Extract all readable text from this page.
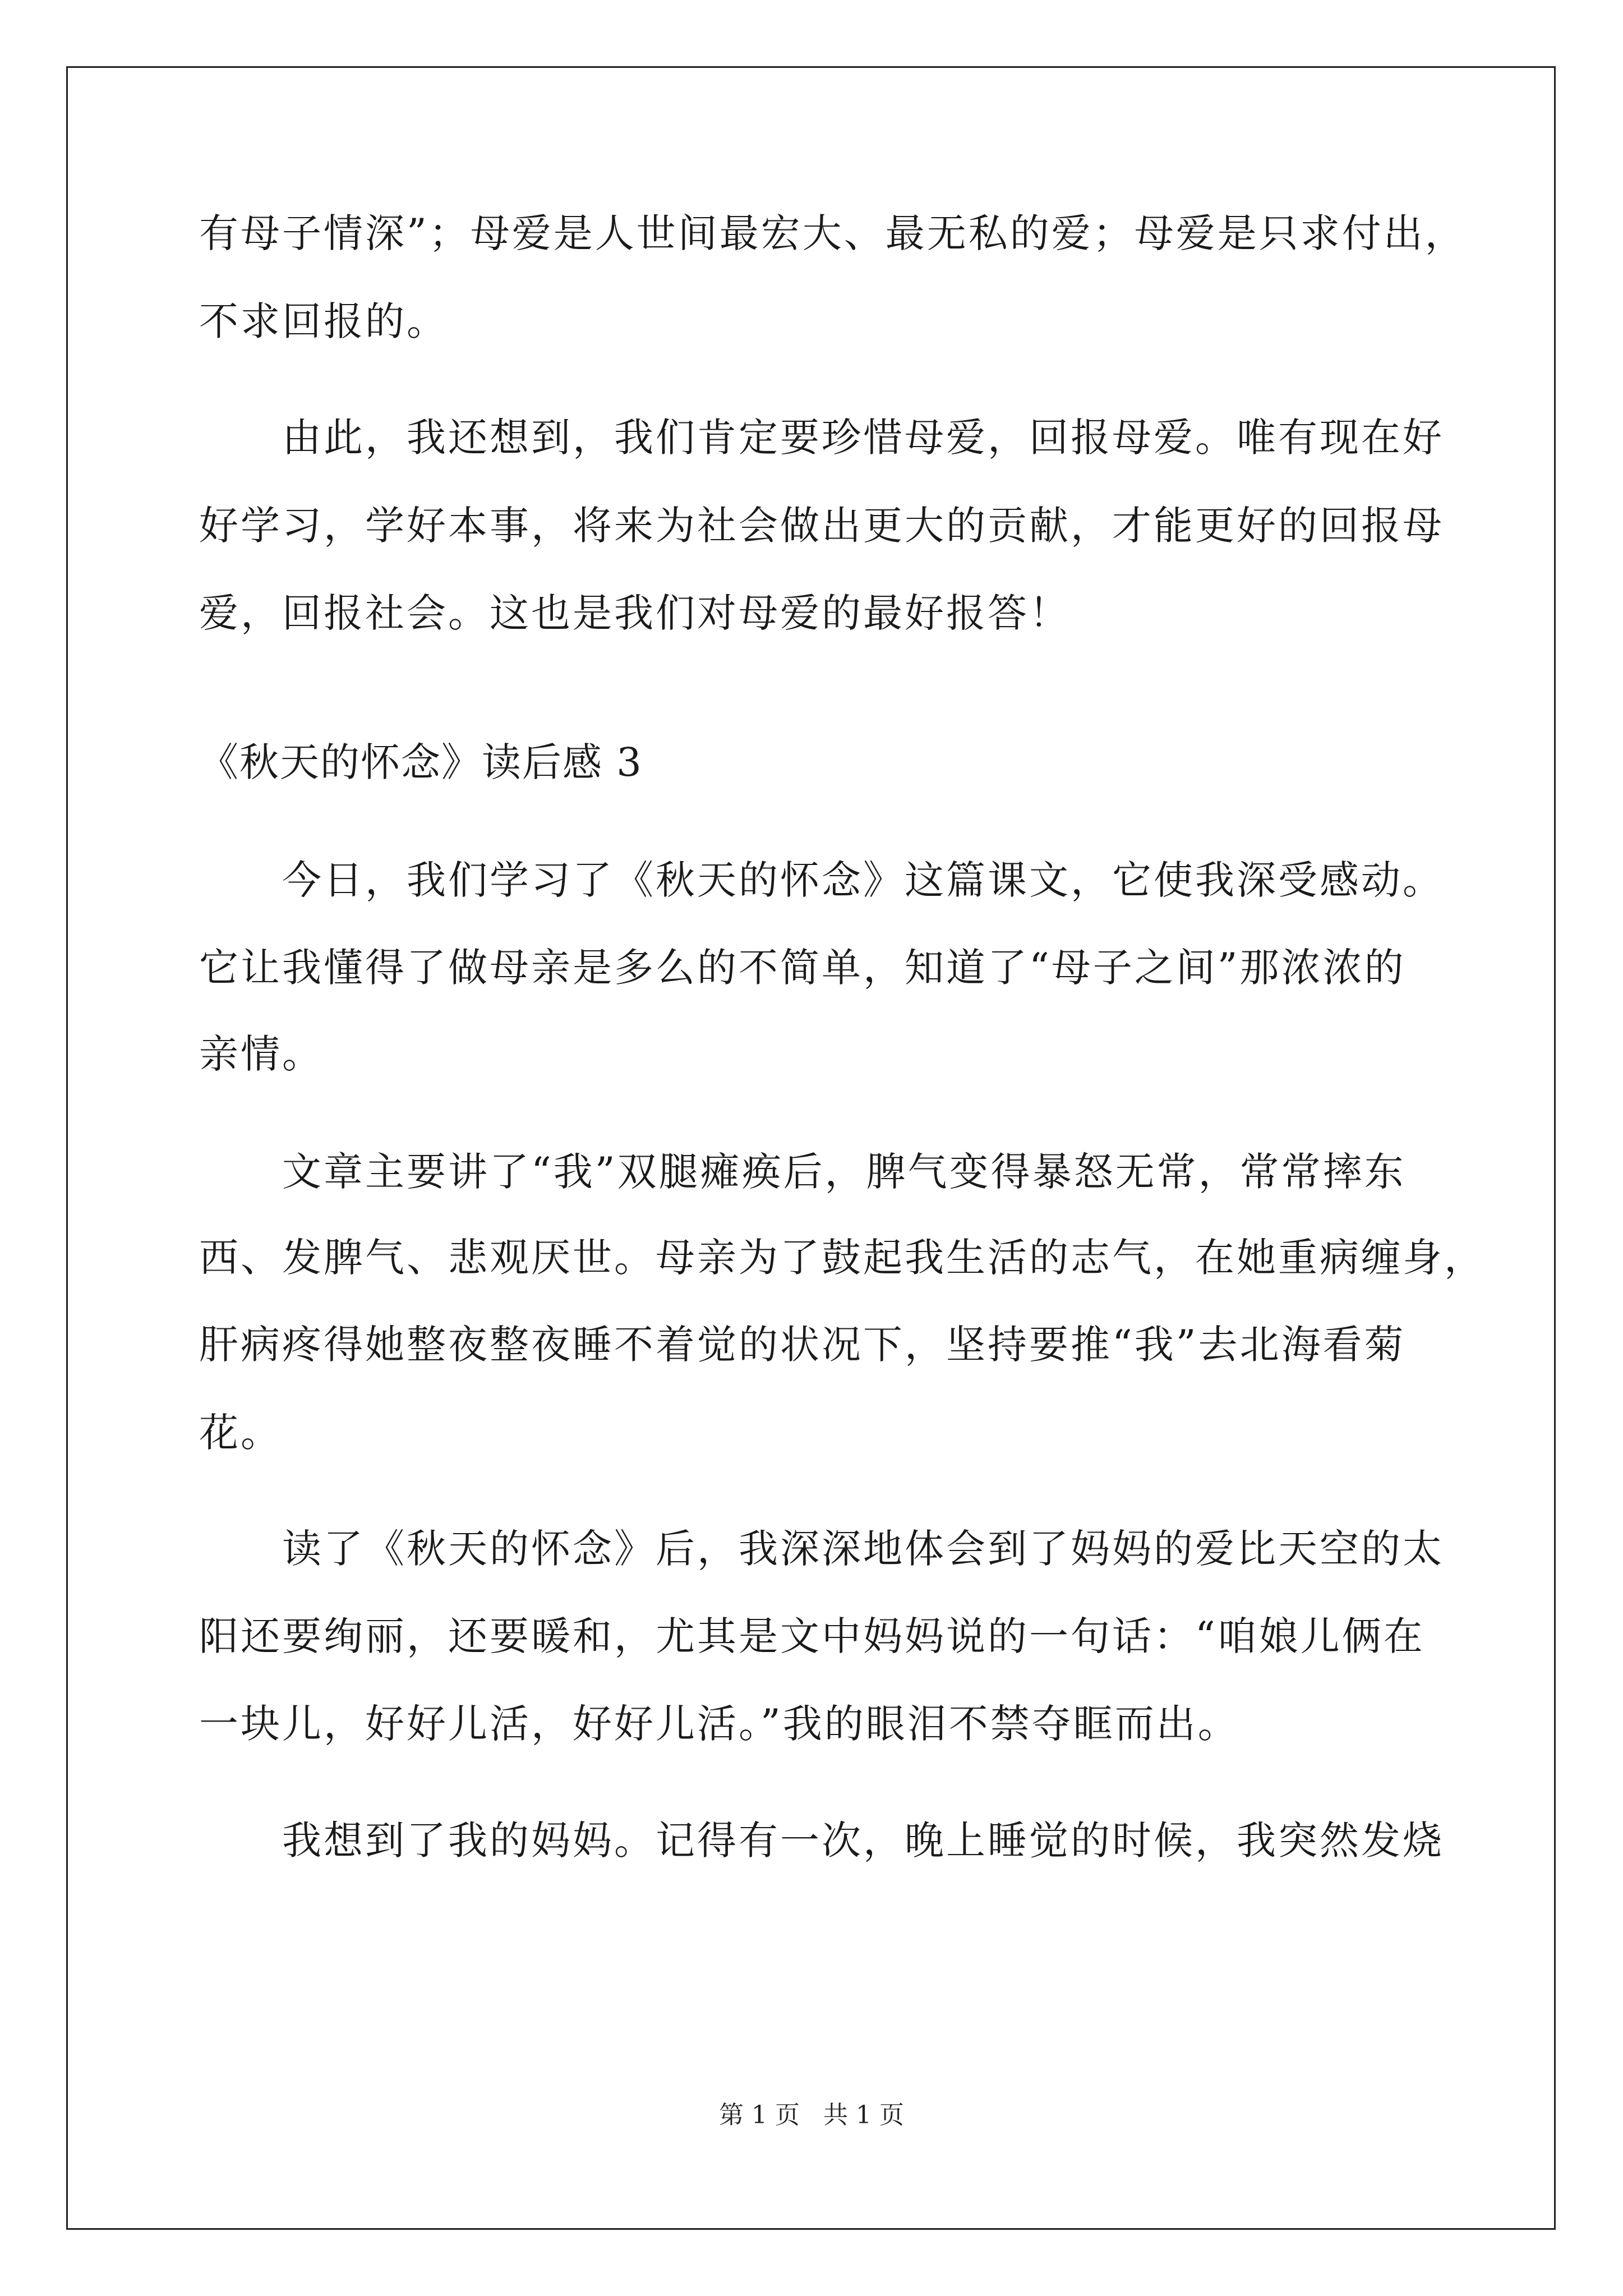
有母子情深”；母爱是人世间最宏大、最无私的爱；母爱是只求付出，

不求回报的。

由此，我还想到，我们肯定要珍惜母爱，回报母爱。唯有现在好

好学习，学好本事，将来为社会做出更大的贡献，才能更好的回报母

爱，回报社会。这也是我们对母爱的最好报答！

《秋天的怀念》读后感 3

今日，我们学习了《秋天的怀念》这篇课文，它使我深受感动。

它让我懂得了做母亲是多么的不简单，知道了“母子之间”那浓浓的

亲情。

文章主要讲了“我”双腿瘫痪后，脾气变得暴怒无常，常常摔东

西、发脾气、悲观厌世。母亲为了鼓起我生活的志气，在她重病缠身，

肝病疼得她整夜整夜睡不着觉的状况下，坚持要推“我”去北海看菊

花。

读了《秋天的怀念》后，我深深地体会到了妈妈的爱比天空的太

阳还要绚丽，还要暖和，尤其是文中妈妈说的一句话：“咱娘儿俩在

一块儿，好好儿活，好好儿活。”我的眼泪不禁夺眶而出。

我想到了我的妈妈。记得有一次，晚上睡觉的时候，我突然发烧

第 1 页   共 1 页
